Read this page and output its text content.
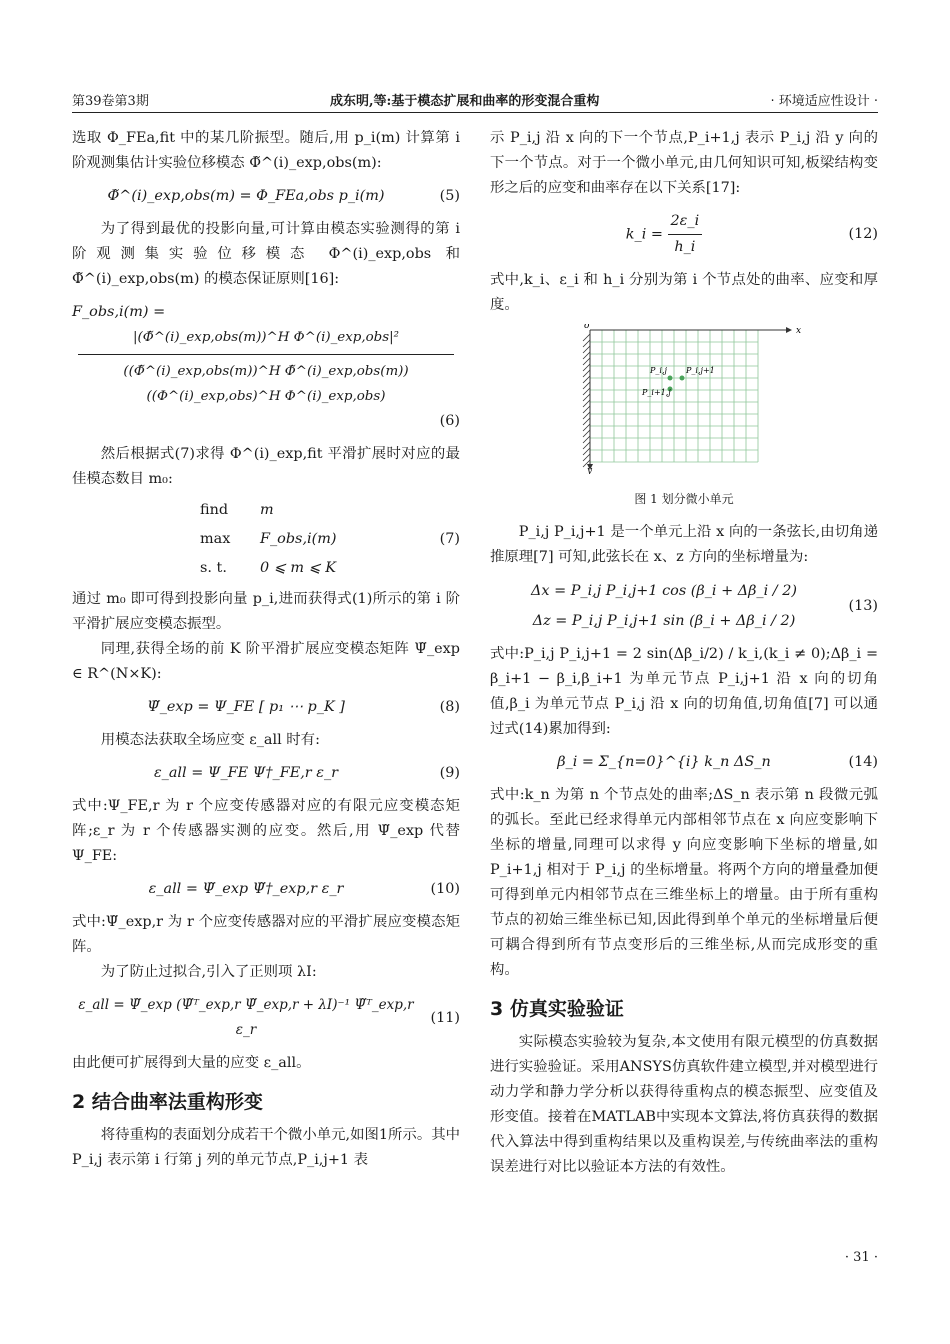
第39卷第3期	成东明,等:基于模态扩展和曲率的形变混合重构	· 环境适应性设计 ·

选取 Φ_FEa,fit 中的某几阶振型。随后,用 p_i(m) 计算第 i 阶观测集估计实验位移模态 Φ̃^(i)_exp,obs(m):

Φ̃^(i)_exp,obs(m) = Φ_FEa,obs p_i(m)	(5)

为了得到最优的投影向量,可计算由模态实验测得的第 i 阶观测集实验位移模态 Φ^(i)_exp,obs 和 Φ̃^(i)_exp,obs(m) 的模态保证原则[16]:

F_obs,i(m) =
|(Φ̃^(i)_exp,obs(m))^H Φ^(i)_exp,obs|²
((Φ̃^(i)_exp,obs(m))^H Φ̃^(i)_exp,obs(m))((Φ^(i)_exp,obs)^H Φ^(i)_exp,obs)
(6)

然后根据式(7)求得 Φ^(i)_exp,fit 平滑扩展时对应的最佳模态数目 m₀:

find	m
max	F_obs,i(m)	(7)
s. t.	0 ⩽ m ⩽ K

通过 m₀ 即可得到投影向量 p_i,进而获得式(1)所示的第 i 阶平滑扩展应变模态振型。

同理,获得全场的前 K 阶平滑扩展应变模态矩阵 Ψ̃_exp ∈ R^(N×K):

Ψ̃_exp = Ψ_FE [ p₁ ⋯ p_K ]	(8)

用模态法获取全场应变 ε_all 时有:

ε_all = Ψ_FE Ψ†_FE,r ε_r	(9)

式中:Ψ_FE,r 为 r 个应变传感器对应的有限元应变模态矩阵;ε_r 为 r 个传感器实测的应变。然后,用 Ψ̃_exp 代替 Ψ_FE:

ε_all = Ψ̃_exp Ψ̃†_exp,r ε_r	(10)

式中:Ψ̃_exp,r 为 r 个应变传感器对应的平滑扩展应变模态矩阵。

为了防止过拟合,引入了正则项 λI:

ε_all = Ψ̃_exp (Ψ̃ᵀ_exp,r Ψ̃_exp,r + λI)⁻¹ Ψ̃ᵀ_exp,r ε_r
(11)

由此便可扩展得到大量的应变 ε_all。

2 结合曲率法重构形变

将待重构的表面划分成若干个微小单元,如图1所示。其中 P_i,j 表示第 i 行第 j 列的单元节点,P_i,j+1 表

示 P_i,j 沿 x 向的下一个节点,P_i+1,j 表示 P_i,j 沿 y 向的下一个节点。对于一个微小单元,由几何知识可知,板梁结构变形之后的应变和曲率存在以下关系[17]:

k_i = $\frac{2\varepsilon\_i}{h\_i}$	(12)

式中,k_i、ε_i 和 h_i 分别为第 i 个节点处的曲率、应变和厚度。

o	x
y
P_i,j P_i,j+1
P_i+1,j
图 1 划分微小单元

P_i,j P_i,j+1 是一个单元上沿 x 向的一条弦长,由切角递推原理[7] 可知,此弦长在 x、z 方向的坐标增量为:

Δx = P_i,j P_i,j+1 cos (β_i + Δβ_i / 2)
Δz = P_i,j P_i,j+1 sin (β_i + Δβ_i / 2)
(13)

式中:P_i,j P_i,j+1 = 2 sin(Δβ_i/2) / k_i,(k_i ≠ 0);Δβ_i = β_i+1 − β_i,β_i+1 为单元节点 P_i,j+1 沿 x 向的切角值,β_i 为单元节点 P_i,j 沿 x 向的切角值,切角值[7] 可以通过式(14)累加得到:

β_i = Σ_{n=0}^{i} k_n ΔS_n	(14)

式中:k_n 为第 n 个节点处的曲率;ΔS_n 表示第 n 段微元弧的弧长。至此已经求得单元内部相邻节点在 x 向应变影响下坐标的增量,同理可以求得 y 向应变影响下坐标的增量,如 P_i+1,j 相对于 P_i,j 的坐标增量。将两个方向的增量叠加便可得到单元内相邻节点在三维坐标上的增量。由于所有重构节点的初始三维坐标已知,因此得到单个单元的坐标增量后便可耦合得到所有节点变形后的三维坐标,从而完成形变的重构。

3 仿真实验验证

实际模态实验较为复杂,本文使用有限元模型的仿真数据进行实验验证。采用ANSYS仿真软件建立模型,并对模型进行动力学和静力学分析以获得待重构点的模态振型、应变值及形变值。接着在MATLAB中实现本文算法,将仿真获得的数据代入算法中得到重构结果以及重构误差,与传统曲率法的重构误差进行对比以验证本方法的有效性。

· 31 ·
